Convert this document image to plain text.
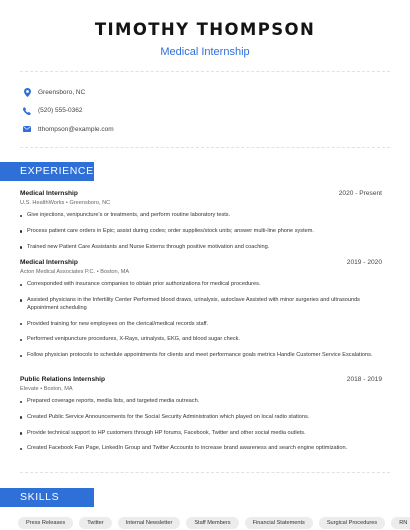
TIMOTHY THOMPSON
Medical Internship
Greensboro, NC
(520) 555-0362
tthompson@example.com
EXPERIENCE
Medical Internship	2020 - Present
U.S. HealthWorks • Greensboro, NC
Give injections, venipuncture's or treatments, and perform routine laboratory tests.
Process patient care orders in Epic; assist during codes; order supplies/stock units; answer multi-line phone system.
Trained new Patient Care Assistants and Nurse Externs through positive motivation and coaching.
Medical Internship	2019 - 2020
Acton Medical Associates P.C. • Boston, MA
Corresponded with insurance companies to obtain prior authorizations for medical procedures.
Assisted physicians in the Infertility Center Performed blood draws, urinalysis, autoclave Assisted with minor surgeries and ultrasounds Appointment scheduling
Provided training for new employees on the clerical/medical records staff.
Performed venipuncture procedures, X-Rays, urinalysis, EKG, and blood sugar check.
Follow physician protocols to schedule appointments for clients and meet performance goals metrics Handle Customer Service Escalations.
Public Relations Internship	2018 - 2019
Elevate • Boston, MA
Prepared coverage reports, media lists, and targeted media outreach.
Created Public Service Announcements for the Social Security Administration which played on local radio stations.
Provide technical support to HP customers through HP forums, Facebook, Twitter and other social media outlets.
Created Facebook Fan Page, LinkedIn Group and Twitter Accounts to increase brand awareness and search engine optimization.
SKILLS
Press Releases	Twitter	Internal Newsletter	Staff Members	Financial Statements	Surgical Procedures	RN
